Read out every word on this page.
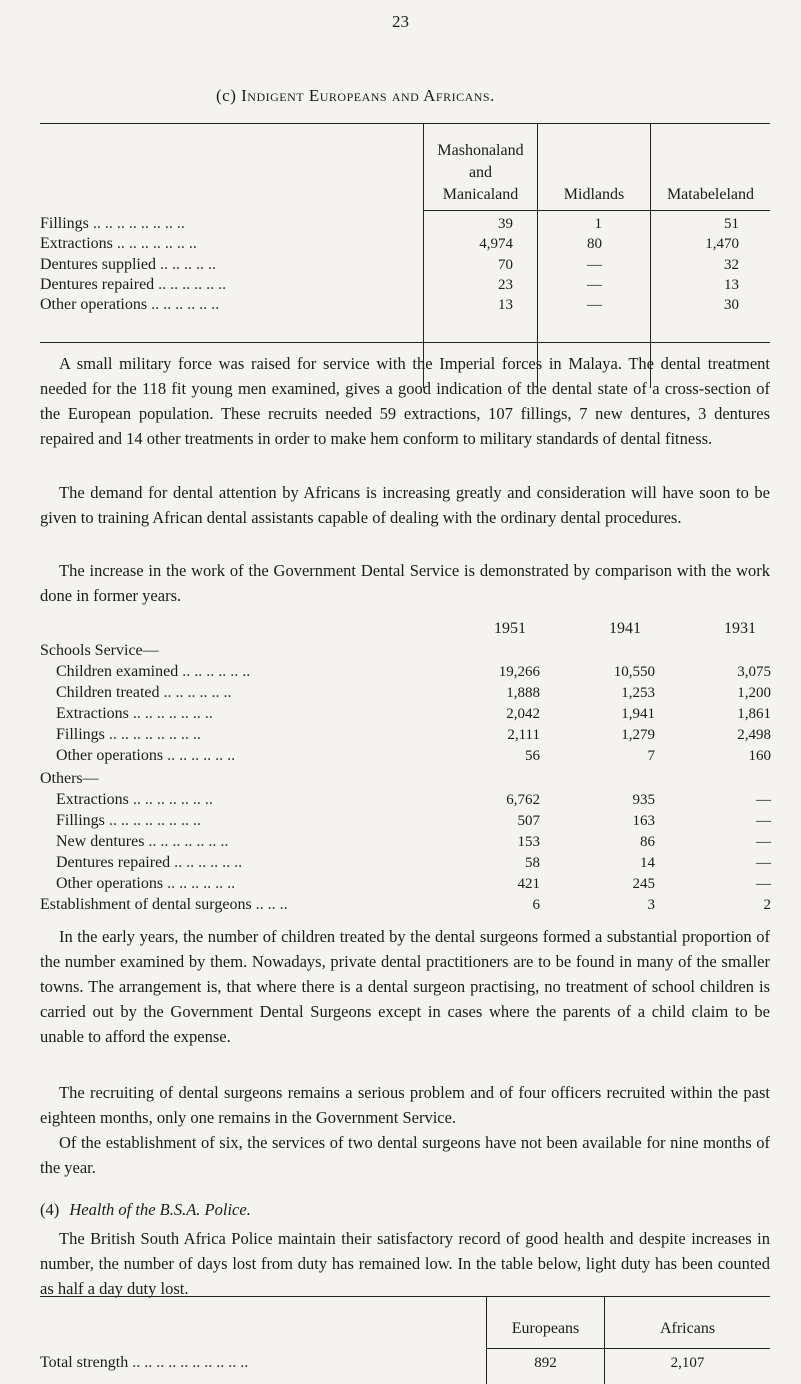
23
(c) Indigent Europeans and Africans.
Mashonaland
and
Manicaland	Midlands	Matabeleland
Fillings .. .. .. .. .. .. .. ..	39	1	51
Extractions .. .. .. .. .. .. ..	4,974	80	1,470
Dentures supplied .. .. .. .. ..	70	—	32
Dentures repaired .. .. .. .. .. ..	23	—	13
Other operations .. .. .. .. .. ..	13	—	30
A small military force was raised for service with the Imperial forces in Malaya. The dental treatment needed for the 118 fit young men examined, gives a good indication of the dental state of a cross-section of the European population. These recruits needed 59 extractions, 107 fillings, 7 new dentures, 3 dentures repaired and 14 other treatments in order to make hem conform to military standards of dental fitness.
The demand for dental attention by Africans is increasing greatly and consideration will have soon to be given to training African dental assistants capable of dealing with the ordinary dental procedures.
The increase in the work of the Government Dental Service is demonstrated by comparison with the work done in former years.
1951	1941	1931
Schools Service—
Children examined .. .. .. .. .. ..	19,266	10,550	3,075
Children treated .. .. .. .. .. ..	1,888	1,253	1,200
Extractions .. .. .. .. .. .. ..	2,042	1,941	1,861
Fillings .. .. .. .. .. .. .. ..	2,111	1,279	2,498
Other operations .. .. .. .. .. ..	56	7	160
Others—
Extractions .. .. .. .. .. .. ..	6,762	935	—
Fillings .. .. .. .. .. .. .. ..	507	163	—
New dentures .. .. .. .. .. .. ..	153	86	—
Dentures repaired .. .. .. .. .. ..	58	14	—
Other operations .. .. .. .. .. ..	421	245	—
Establishment of dental surgeons .. .. ..	6	3	2
In the early years, the number of children treated by the dental surgeons formed a substantial proportion of the number examined by them. Nowadays, private dental practitioners are to be found in many of the smaller towns. The arrangement is, that where there is a dental surgeon practising, no treatment of school children is carried out by the Government Dental Surgeons except in cases where the parents of a child claim to be unable to afford the expense.
The recruiting of dental surgeons remains a serious problem and of four officers recruited within the past eighteen months, only one remains in the Government Service.
Of the establishment of six, the services of two dental surgeons have not been available for nine months of the year.
(4) Health of the B.S.A. Police.
The British South Africa Police maintain their satisfactory record of good health and despite increases in number, the number of days lost from duty has remained low. In the table below, light duty has been counted as half a day duty lost.
Europeans	Africans
Total strength .. .. .. .. .. .. .. .. .. ..	892	2,107
